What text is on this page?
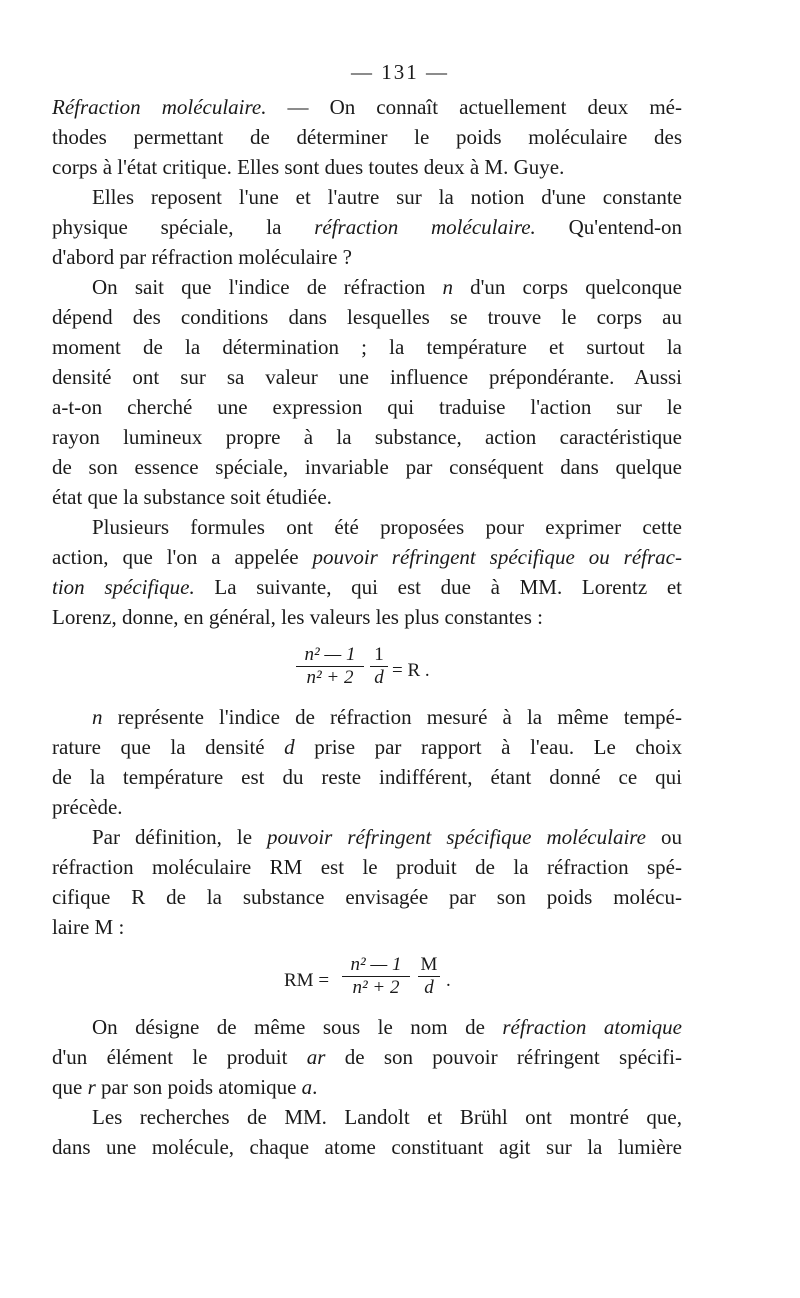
— 131 —
Réfraction moléculaire. — On connaît actuellement deux mé-
thodes permettant de déterminer le poids moléculaire des
corps à l'état critique. Elles sont dues toutes deux à M. Guye.
Elles reposent l'une et l'autre sur la notion d'une constante
physique spéciale, la réfraction moléculaire. Qu'entend-on
d'abord par réfraction moléculaire ?
On sait que l'indice de réfraction n d'un corps quelconque
dépend des conditions dans lesquelles se trouve le corps au
moment de la détermination ; la température et surtout la
densité ont sur sa valeur une influence prépondérante. Aussi
a-t-on cherché une expression qui traduise l'action sur le
rayon lumineux propre à la substance, action caractéristique
de son essence spéciale, invariable par conséquent dans quelque
état que la substance soit étudiée.
Plusieurs formules ont été proposées pour exprimer cette
action, que l'on a appelée pouvoir réfringent spécifique ou réfrac-
tion spécifique. La suivante, qui est due à MM. Lorentz et
Lorenz, donne, en général, les valeurs les plus constantes :
$\frac{\text{n² — 1}}{\text{n² + 2}} \frac{1}{d} = R$ .
n représente l'indice de réfraction mesuré à la même tempé-
rature que la densité d prise par rapport à l'eau. Le choix
de la température est du reste indifférent, étant donné ce qui
précède.
Par définition, le pouvoir réfringent spécifique moléculaire ou
réfraction moléculaire RM est le produit de la réfraction spé-
cifique R de la substance envisagée par son poids molécu-
laire M :
RM = $\frac{\text{n² — 1}}{\text{n² + 2}} \frac{M}{d}$ .
On désigne de même sous le nom de réfraction atomique
d'un élément le produit ar de son pouvoir réfringent spécifi-
que r par son poids atomique a.
Les recherches de MM. Landolt et Brühl ont montré que,
dans une molécule, chaque atome constituant agit sur la lumière
